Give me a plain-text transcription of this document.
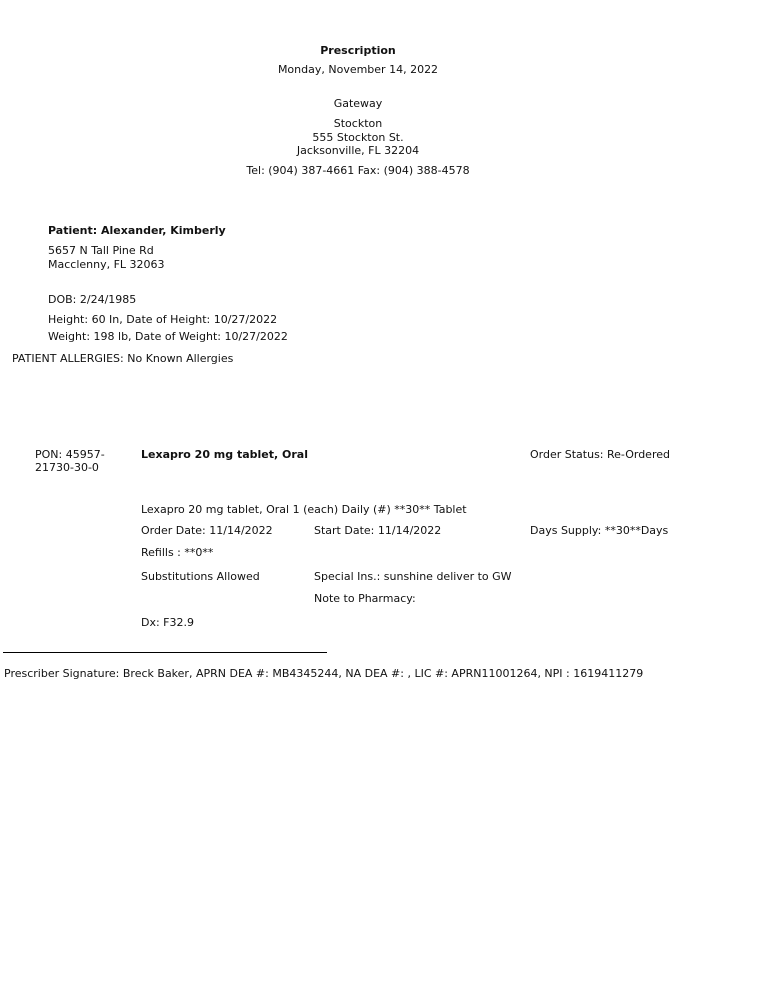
Prescription
Monday, November 14, 2022
Gateway
Stockton
555 Stockton St.
Jacksonville, FL 32204
Tel: (904) 387-4661 Fax: (904) 388-4578
Patient: Alexander, Kimberly
5657 N Tall Pine Rd
Macclenny, FL 32063
DOB: 2/24/1985
Height: 60 In, Date of Height: 10/27/2022
Weight: 198 lb, Date of Weight: 10/27/2022
PATIENT ALLERGIES: No Known Allergies
PON: 45957-
21730-30-0
Lexapro 20 mg tablet, Oral	Order Status: Re-Ordered
Lexapro 20 mg tablet, Oral 1 (each) Daily (#) **30** Tablet
Order Date: 11/14/2022	Start Date: 11/14/2022	Days Supply: **30**Days
Refills : **0**
Substitutions Allowed	Special Ins.: sunshine deliver to GW
Note to Pharmacy:
Dx: F32.9
Prescriber Signature: Breck Baker, APRN DEA #: MB4345244, NA DEA #: , LIC #: APRN11001264, NPI : 1619411279
